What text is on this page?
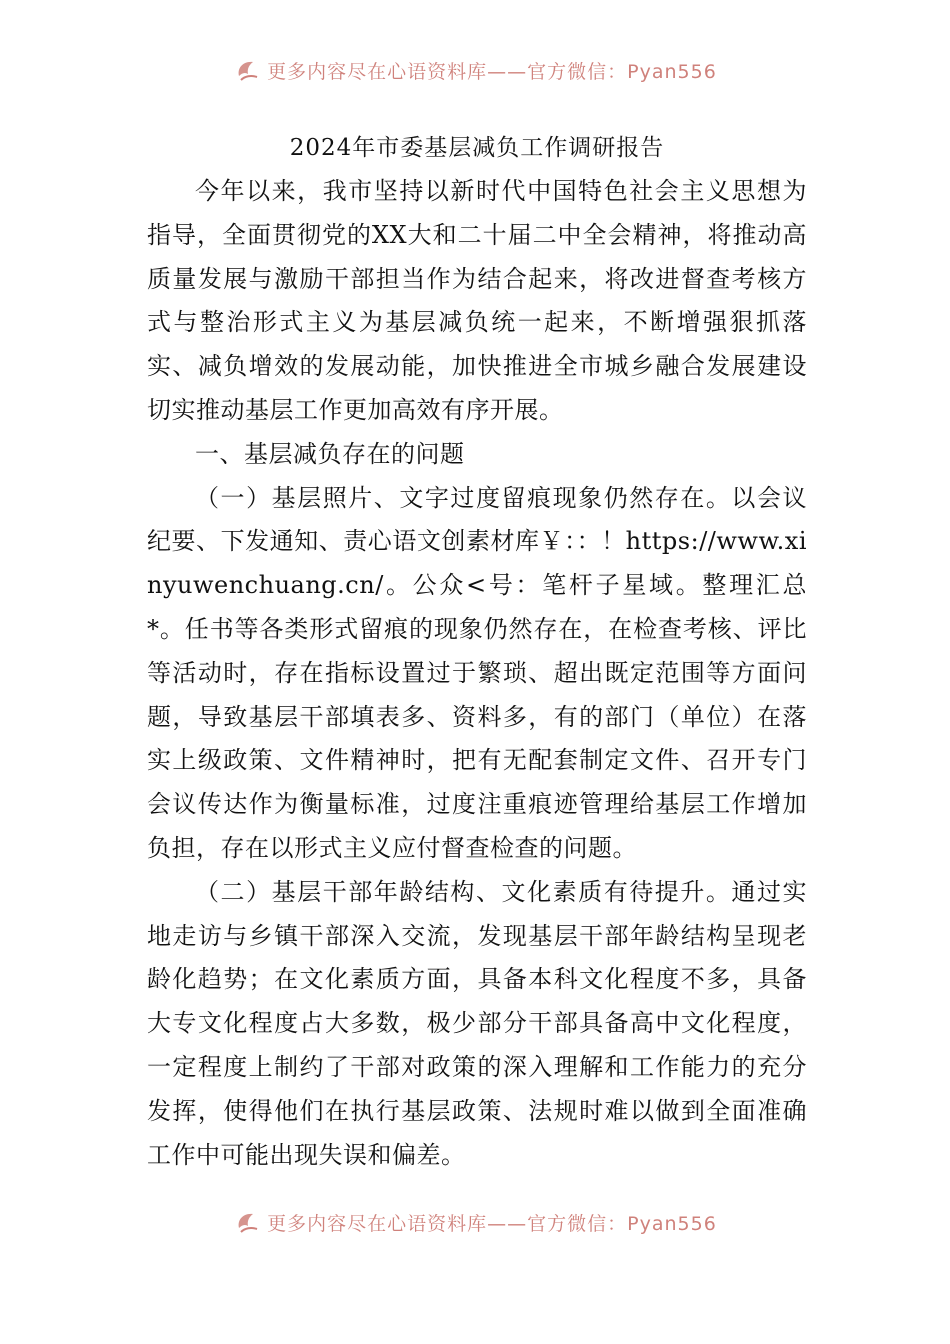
更多内容尽在心语资料库——官方微信：Pyan556
2024年市委基层减负工作调研报告

今年以来，我市坚持以新时代中国特色社会主义思想为指导，全面贯彻党的XX大和二十届二中全会精神，将推动高质量发展与激励干部担当作为结合起来，将改进督查考核方式与整治形式主义为基层减负统一起来，不断增强狠抓落实、减负增效的发展动能，加快推进全市城乡融合发展建设切实推动基层工作更加高效有序开展。

一、基层减负存在的问题

（一）基层照片、文字过度留痕现象仍然存在。以会议纪要、下发通知、责心语文创素材库￥：：！https://www.xinyuwenchuang.cn/。公众<号：笔杆子星域。整理汇总*。任书等各类形式留痕的现象仍然存在，在检查考核、评比等活动时，存在指标设置过于繁琐、超出既定范围等方面问题，导致基层干部填表多、资料多，有的部门（单位）在落实上级政策、文件精神时，把有无配套制定文件、召开专门会议传达作为衡量标准，过度注重痕迹管理给基层工作增加负担，存在以形式主义应付督查检查的问题。

（二）基层干部年龄结构、文化素质有待提升。通过实地走访与乡镇干部深入交流，发现基层干部年龄结构呈现老龄化趋势；在文化素质方面，具备本科文化程度不多，具备大专文化程度占大多数，极少部分干部具备高中文化程度，一定程度上制约了干部对政策的深入理解和工作能力的充分发挥，使得他们在执行基层政策、法规时难以做到全面准确工作中可能出现失误和偏差。

更多内容尽在心语资料库——官方微信：Pyan556
